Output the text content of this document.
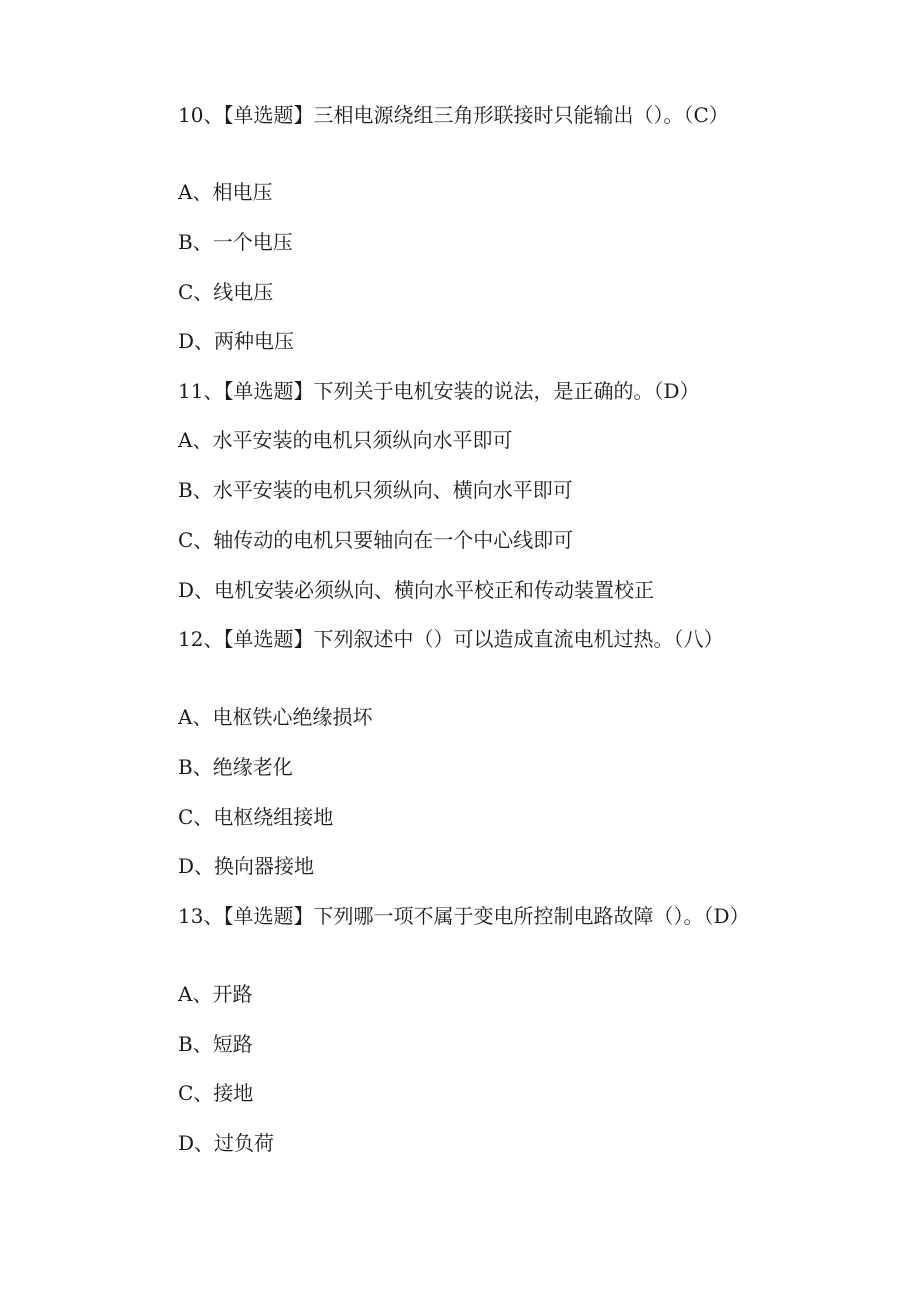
10、【单选题】三相电源绕组三角形联接时只能输出（）。（C）
A、相电压
B、一个电压
C、线电压
D、两种电压
11、【单选题】下列关于电机安装的说法，是正确的。（D）
A、水平安装的电机只须纵向水平即可
B、水平安装的电机只须纵向、横向水平即可
C、轴传动的电机只要轴向在一个中心线即可
D、电机安装必须纵向、横向水平校正和传动装置校正
12、【单选题】下列叙述中（）可以造成直流电机过热。（八）
A、电枢铁心绝缘损坏
B、绝缘老化
C、电枢绕组接地
D、换向器接地
13、【单选题】下列哪一项不属于变电所控制电路故障（）。（D）
A、开路
B、短路
C、接地
D、过负荷
